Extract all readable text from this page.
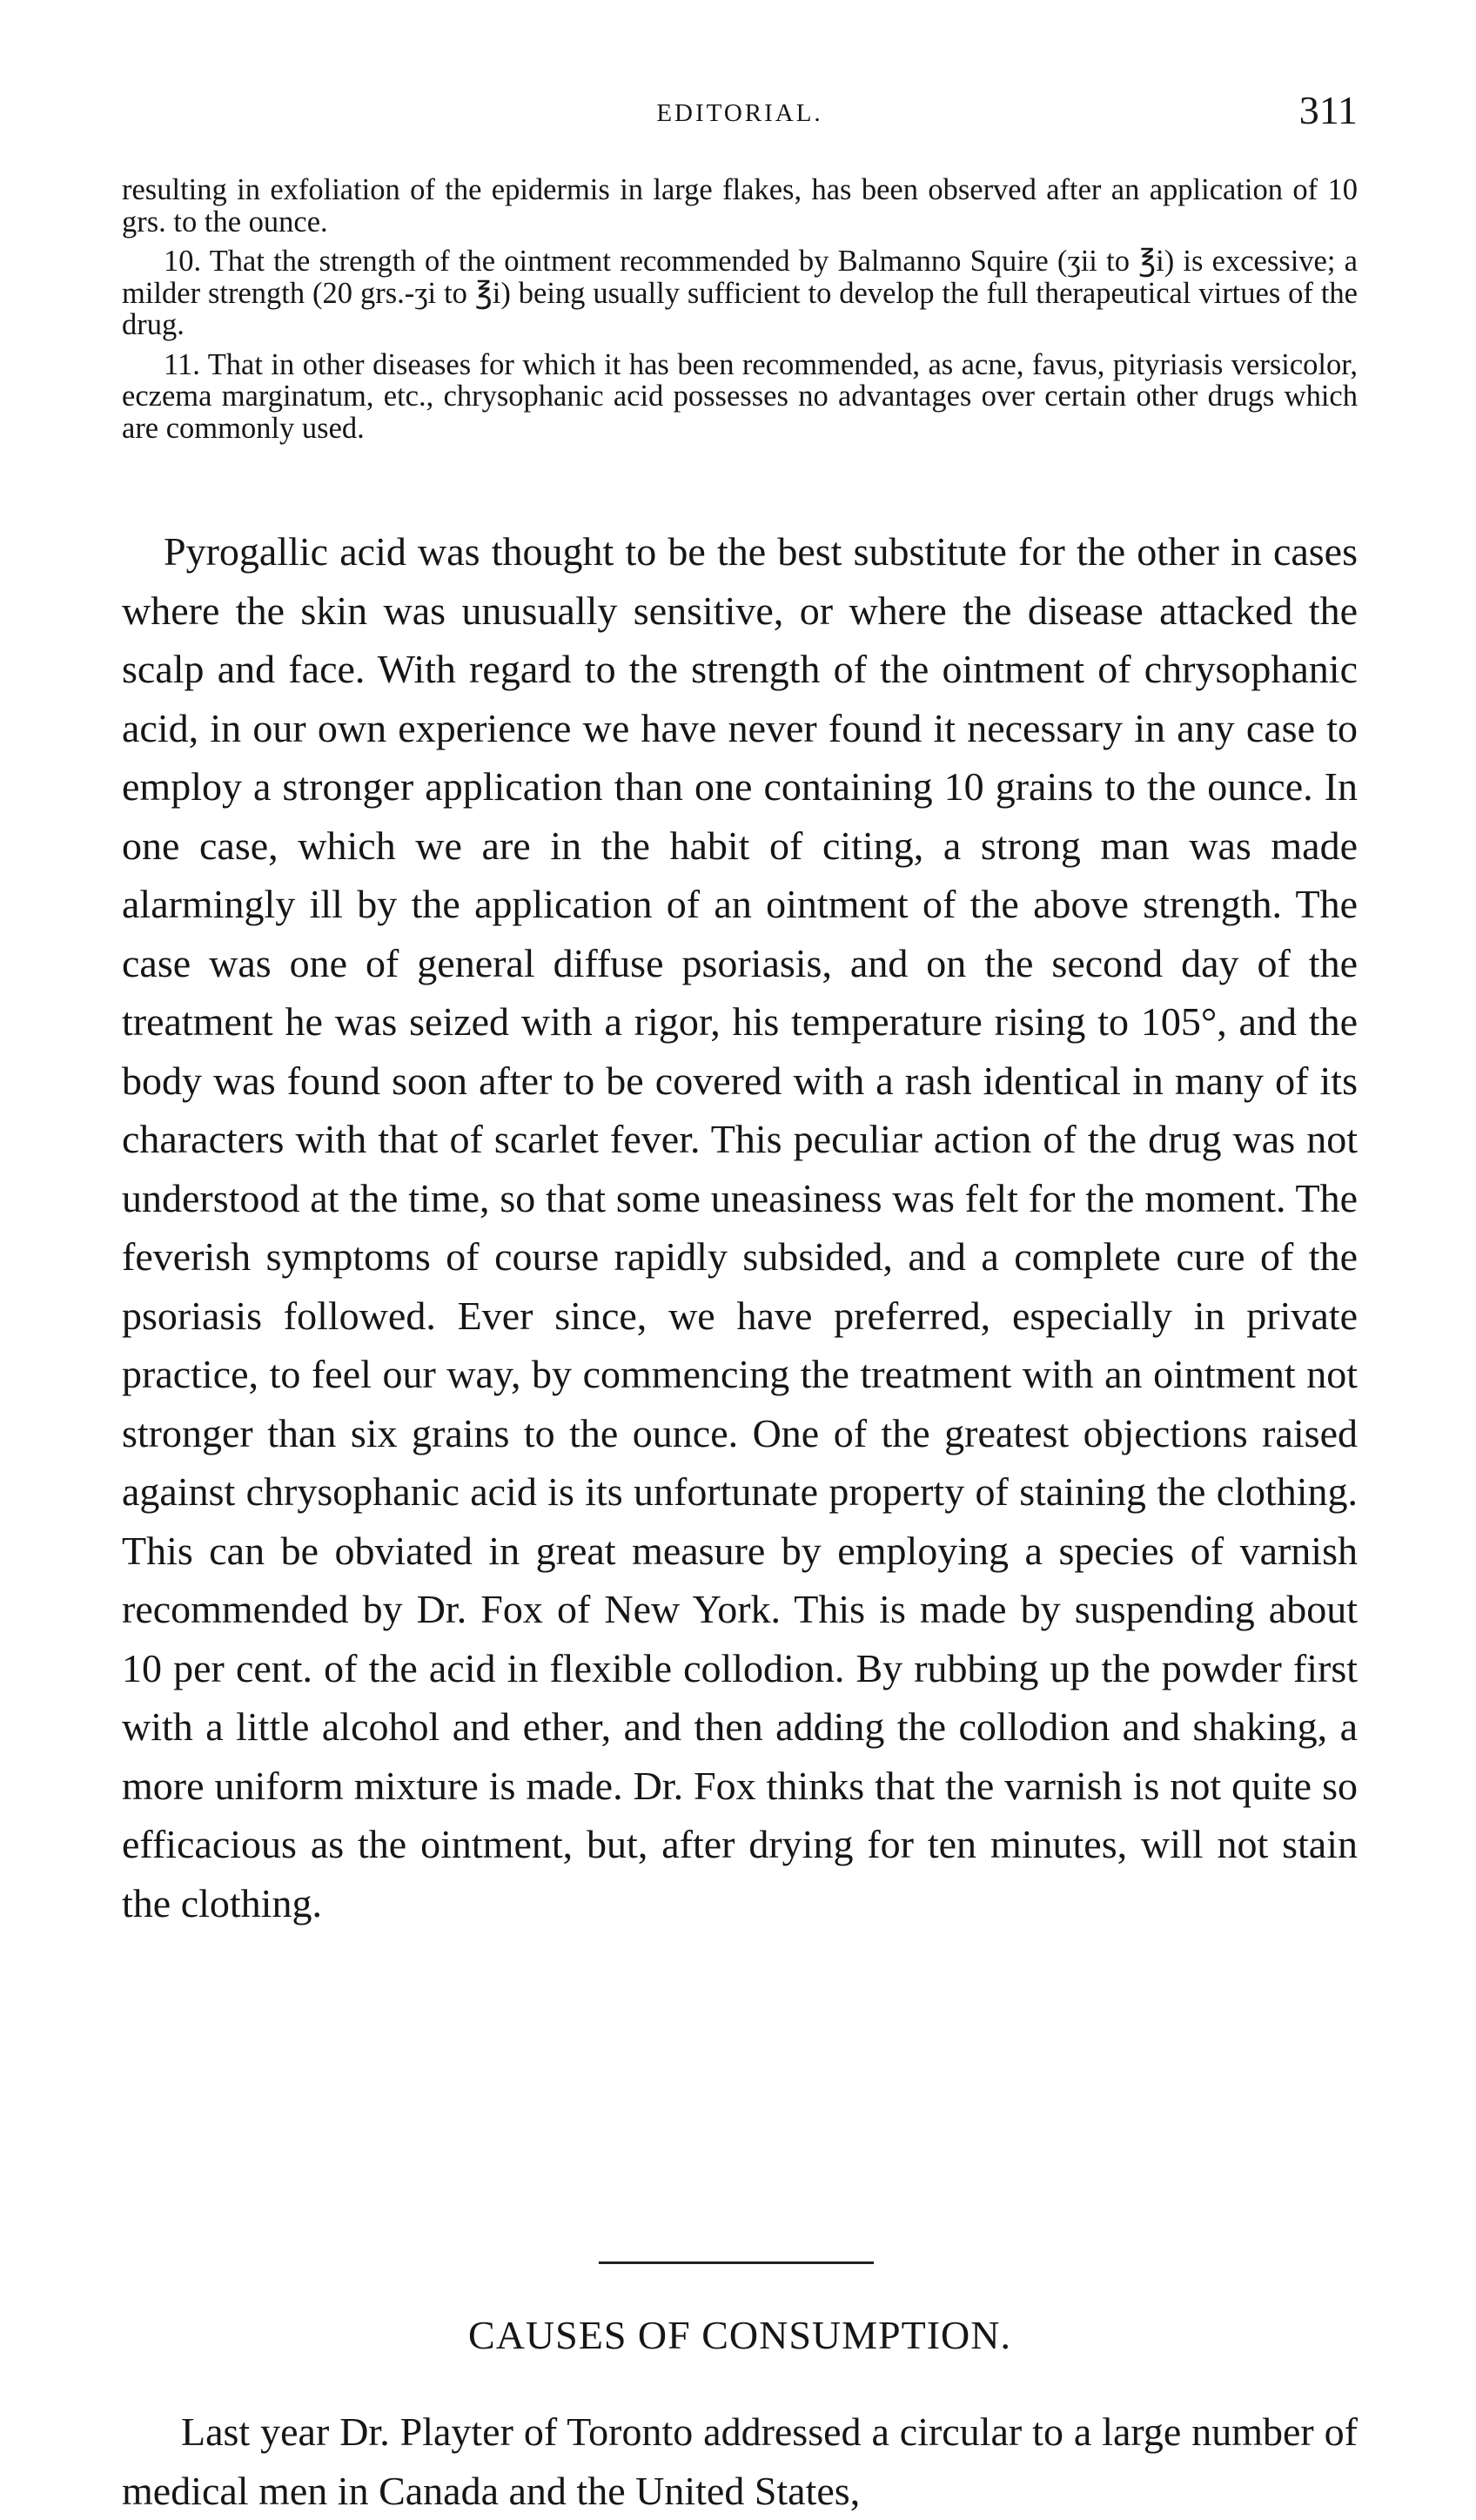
EDITORIAL.	311

resulting in exfoliation of the epidermis in large flakes, has been observed after an application of 10 grs. to the ounce.

10. That the strength of the ointment recommended by Balmanno Squire (ʒii to ℥i) is excessive; a milder strength (20 grs.-ʒi to ℥i) being usually sufficient to develop the full therapeutical virtues of the drug.

11. That in other diseases for which it has been recommended, as acne, favus, pityriasis versicolor, eczema marginatum, etc., chrysophanic acid possesses no advantages over certain other drugs which are commonly used.

Pyrogallic acid was thought to be the best substitute for the other in cases where the skin was unusually sensitive, or where the disease attacked the scalp and face. With regard to the strength of the ointment of chrysophanic acid, in our own experience we have never found it necessary in any case to employ a stronger application than one containing 10 grains to the ounce. In one case, which we are in the habit of citing, a strong man was made alarmingly ill by the application of an ointment of the above strength. The case was one of general diffuse psoriasis, and on the second day of the treatment he was seized with a rigor, his temperature rising to 105°, and the body was found soon after to be covered with a rash identical in many of its characters with that of scarlet fever. This peculiar action of the drug was not understood at the time, so that some uneasiness was felt for the moment. The feverish symptoms of course rapidly subsided, and a complete cure of the psoriasis followed. Ever since, we have preferred, especially in private practice, to feel our way, by commencing the treatment with an ointment not stronger than six grains to the ounce. One of the greatest objections raised against chrysophanic acid is its unfortunate property of staining the clothing. This can be obviated in great measure by employing a species of varnish recommended by Dr. Fox of New York. This is made by suspending about 10 per cent. of the acid in flexible collodion. By rubbing up the powder first with a little alcohol and ether, and then adding the collodion and shaking, a more uniform mixture is made. Dr. Fox thinks that the varnish is not quite so efficacious as the ointment, but, after drying for ten minutes, will not stain the clothing.

CAUSES OF CONSUMPTION.

Last year Dr. Playter of Toronto addressed a circular to a large number of medical men in Canada and the United States,
